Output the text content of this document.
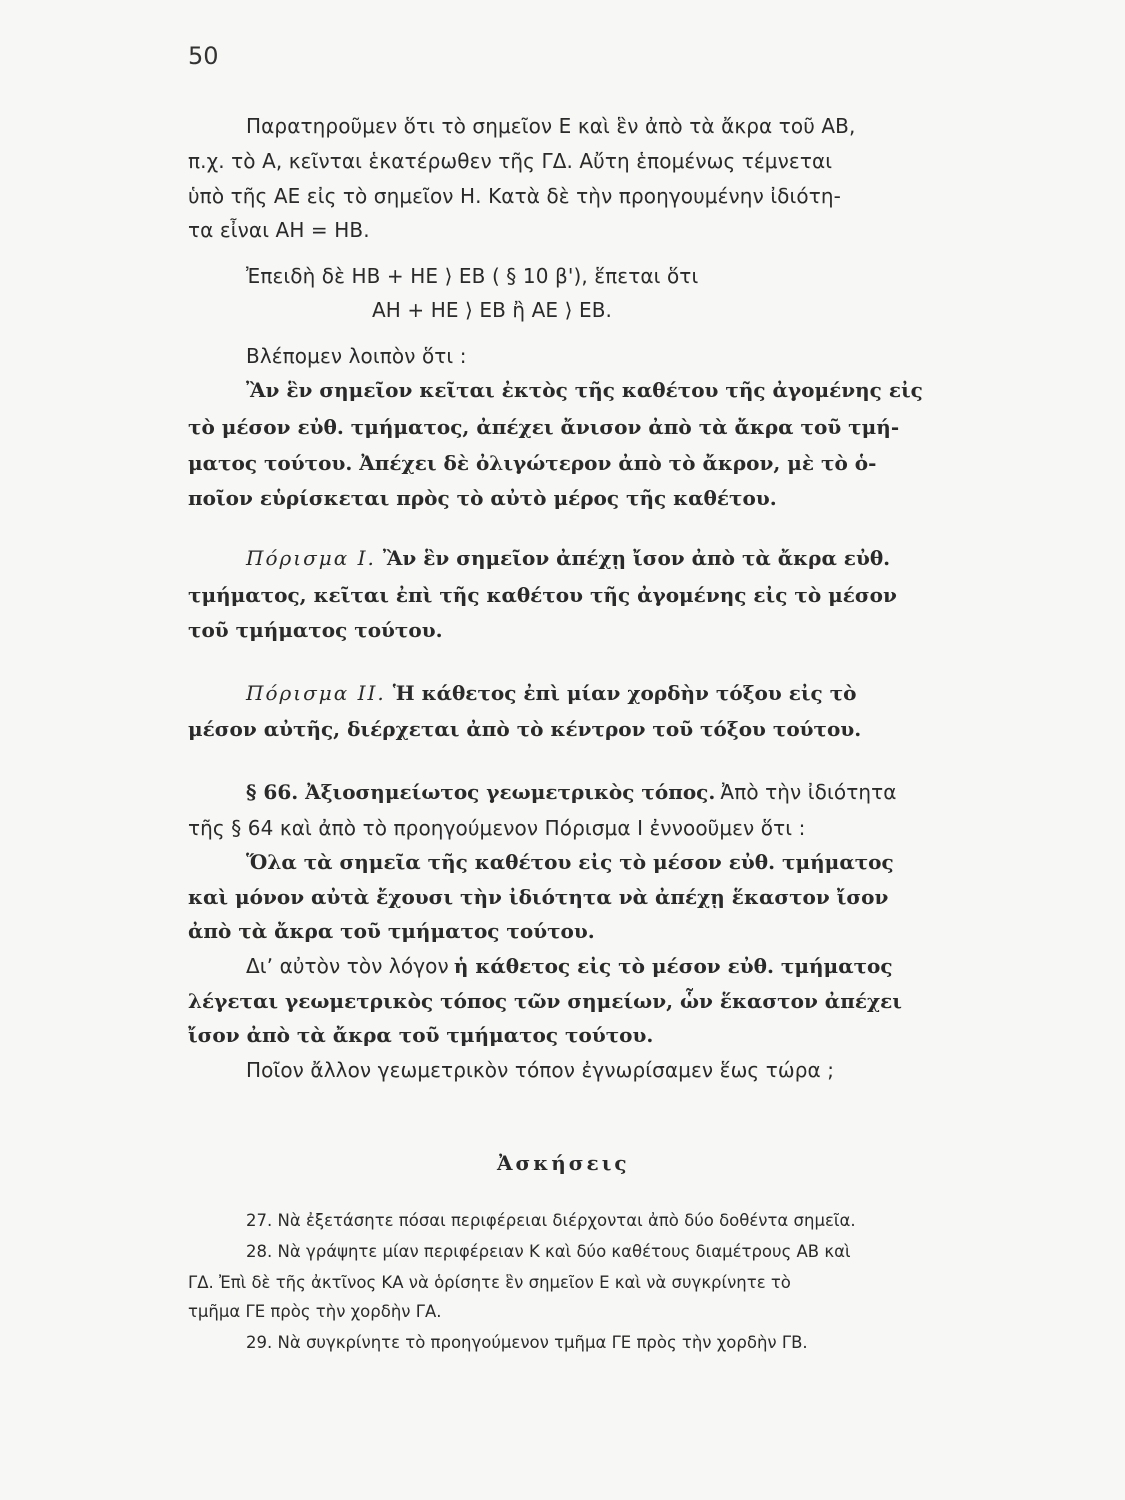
50
Παρατηροῦμεν ὅτι τὸ σημεῖον Ε καὶ ἓν ἀπὸ τὰ ἄκρα τοῦ ΑΒ,
π.χ. τὸ Α, κεῖνται ἑκατέρωθεν τῆς ΓΔ. Αὔτη ἑπομένως τέμνεται
ὑπὸ τῆς ΑΕ εἰς τὸ σημεῖον Η. Κατὰ δὲ τὴν προηγουμένην ἰδιότη-
τα εἶναι ΑΗ = ΗΒ.
Ἐπειδὴ δὲ ΗΒ + ΗΕ ⟩ ΕΒ ( § 10 β'), ἕπεται ὅτι
ΑΗ + ΗΕ ⟩ ΕΒ ἢ ΑΕ ⟩ ΕΒ.
Βλέπομεν λοιπὸν ὅτι :
Ἂν ἓν σημεῖον κεῖται ἐκτὸς τῆς καθέτου τῆς ἀγομένης εἰς
τὸ μέσον εὐθ. τμήματος, ἀπέχει ἄνισον ἀπὸ τὰ ἄκρα τοῦ τμή-
ματος τούτου. Ἀπέχει δὲ ὀλιγώτερον ἀπὸ τὸ ἄκρον, μὲ τὸ ὁ-
ποῖον εὑρίσκεται πρὸς τὸ αὐτὸ μέρος τῆς καθέτου.
Πόρισμα Ι. Ἂν ἓν σημεῖον ἀπέχῃ ἴσον ἀπὸ τὰ ἄκρα εὐθ.
τμήματος, κεῖται ἐπὶ τῆς καθέτου τῆς ἀγομένης εἰς τὸ μέσον
τοῦ τμήματος τούτου.
Πόρισμα ΙΙ. Ἡ κάθετος ἐπὶ μίαν χορδὴν τόξου εἰς τὸ
μέσον αὐτῆς, διέρχεται ἀπὸ τὸ κέντρον τοῦ τόξου τούτου.
§ 66. Ἀξιοσημείωτος γεωμετρικὸς τόπος. Ἀπὸ τὴν ἰδιότητα
τῆς § 64 καὶ ἀπὸ τὸ προηγούμενον Πόρισμα Ι ἐννοοῦμεν ὅτι :
Ὅλα τὰ σημεῖα τῆς καθέτου εἰς τὸ μέσον εὐθ. τμήματος
καὶ μόνον αὐτὰ ἔχουσι τὴν ἰδιότητα νὰ ἀπέχῃ ἕκαστον ἴσον
ἀπὸ τὰ ἄκρα τοῦ τμήματος τούτου.
Διʼ αὐτὸν τὸν λόγον ἡ κάθετος εἰς τὸ μέσον εὐθ. τμήματος
λέγεται γεωμετρικὸς τόπος τῶν σημείων, ὧν ἕκαστον ἀπέχει
ἴσον ἀπὸ τὰ ἄκρα τοῦ τμήματος τούτου.
Ποῖον ἄλλον γεωμετρικὸν τόπον ἐγνωρίσαμεν ἕως τώρα ;
Ἀσκήσεις
27. Νὰ ἐξετάσητε πόσαι περιφέρειαι διέρχονται ἀπὸ δύο δοθέντα σημεῖα.
28. Νὰ γράψητε μίαν περιφέρειαν Κ καὶ δύο καθέτους διαμέτρους ΑΒ καὶ
ΓΔ. Ἐπὶ δὲ τῆς ἀκτῖνος ΚΑ νὰ ὁρίσητε ἓν σημεῖον Ε καὶ νὰ συγκρίνητε τὸ
τμῆμα ΓΕ πρὸς τὴν χορδὴν ΓΑ.
29. Νὰ συγκρίνητε τὸ προηγούμενον τμῆμα ΓΕ πρὸς τὴν χορδὴν ΓΒ.
